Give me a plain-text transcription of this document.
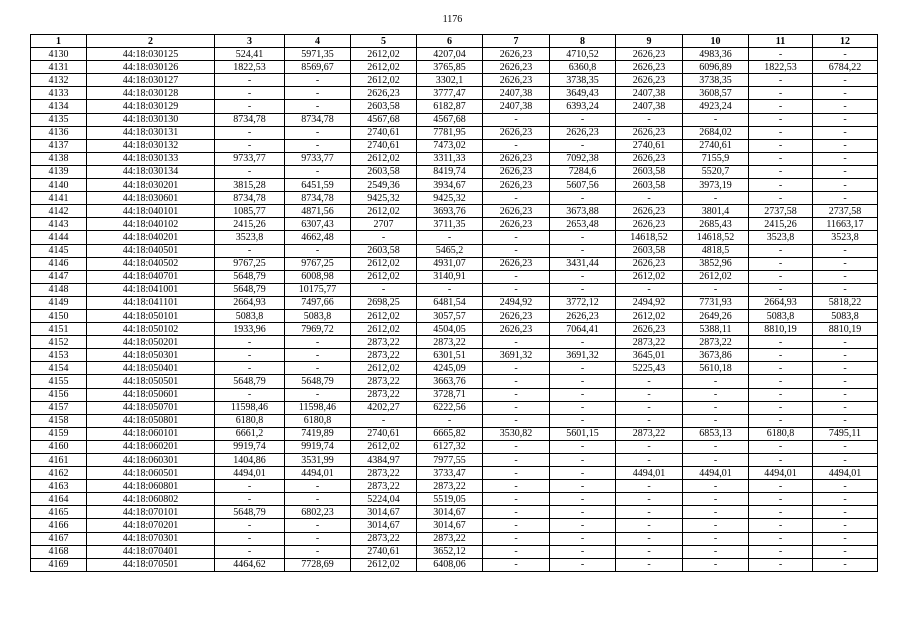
1176
1	2	3	4	5	6	7	8	9	10	11	12
4130	44:18:030125	524,41	5971,35	2612,02	4207,04	2626,23	4710,52	2626,23	4983,36	-	-
4131	44:18:030126	1822,53	8569,67	2612,02	3765,85	2626,23	6360,8	2626,23	6096,89	1822,53	6784,22
4132	44:18:030127	-	-	2612,02	3302,1	2626,23	3738,35	2626,23	3738,35	-	-
4133	44:18:030128	-	-	2626,23	3777,47	2407,38	3649,43	2407,38	3608,57	-	-
4134	44:18:030129	-	-	2603,58	6182,87	2407,38	6393,24	2407,38	4923,24	-	-
4135	44:18:030130	8734,78	8734,78	4567,68	4567,68	-	-	-	-	-	-
4136	44:18:030131	-	-	2740,61	7781,95	2626,23	2626,23	2626,23	2684,02	-	-
4137	44:18:030132	-	-	2740,61	7473,02	-	-	2740,61	2740,61	-	-
4138	44:18:030133	9733,77	9733,77	2612,02	3311,33	2626,23	7092,38	2626,23	7155,9	-	-
4139	44:18:030134	-	-	2603,58	8419,74	2626,23	7284,6	2603,58	5520,7	-	-
4140	44:18:030201	3815,28	6451,59	2549,36	3934,67	2626,23	5607,56	2603,58	3973,19	-	-
4141	44:18:030601	8734,78	8734,78	9425,32	9425,32	-	-	-	-	-	-
4142	44:18:040101	1085,77	4871,56	2612,02	3693,76	2626,23	3673,88	2626,23	3801,4	2737,58	2737,58
4143	44:18:040102	2415,26	6307,43	2707	3711,35	2626,23	2653,48	2626,23	2685,43	2415,26	11663,17
4144	44:18:040201	3523,8	4662,48	-	-	-	-	14618,52	14618,52	3523,8	3523,8
4145	44:18:040501	-	-	2603,58	5465,2	-	-	2603,58	4818,5	-	-
4146	44:18:040502	9767,25	9767,25	2612,02	4931,07	2626,23	3431,44	2626,23	3852,96	-	-
4147	44:18:040701	5648,79	6008,98	2612,02	3140,91	-	-	2612,02	2612,02	-	-
4148	44:18:041001	5648,79	10175,77	-	-	-	-	-	-	-	-
4149	44:18:041101	2664,93	7497,66	2698,25	6481,54	2494,92	3772,12	2494,92	7731,93	2664,93	5818,22
4150	44:18:050101	5083,8	5083,8	2612,02	3057,57	2626,23	2626,23	2612,02	2649,26	5083,8	5083,8
4151	44:18:050102	1933,96	7969,72	2612,02	4504,05	2626,23	7064,41	2626,23	5388,11	8810,19	8810,19
4152	44:18:050201	-	-	2873,22	2873,22	-	-	2873,22	2873,22	-	-
4153	44:18:050301	-	-	2873,22	6301,51	3691,32	3691,32	3645,01	3673,86	-	-
4154	44:18:050401	-	-	2612,02	4245,09	-	-	5225,43	5610,18	-	-
4155	44:18:050501	5648,79	5648,79	2873,22	3663,76	-	-	-	-	-	-
4156	44:18:050601	-	-	2873,22	3728,71	-	-	-	-	-	-
4157	44:18:050701	11598,46	11598,46	4202,27	6222,56	-	-	-	-	-	-
4158	44:18:050801	6180,8	6180,8	-	-	-	-	-	-	-	-
4159	44:18:060101	6661,2	7419,89	2740,61	6665,82	3530,82	5601,15	2873,22	6853,13	6180,8	7495,11
4160	44:18:060201	9919,74	9919,74	2612,02	6127,32	-	-	-	-	-	-
4161	44:18:060301	1404,86	3531,99	4384,97	7977,55	-	-	-	-	-	-
4162	44:18:060501	4494,01	4494,01	2873,22	3733,47	-	-	4494,01	4494,01	4494,01	4494,01
4163	44:18:060801	-	-	2873,22	2873,22	-	-	-	-	-	-
4164	44:18:060802	-	-	5224,04	5519,05	-	-	-	-	-	-
4165	44:18:070101	5648,79	6802,23	3014,67	3014,67	-	-	-	-	-	-
4166	44:18:070201	-	-	3014,67	3014,67	-	-	-	-	-	-
4167	44:18:070301	-	-	2873,22	2873,22	-	-	-	-	-	-
4168	44:18:070401	-	-	2740,61	3652,12	-	-	-	-	-	-
4169	44:18:070501	4464,62	7728,69	2612,02	6408,06	-	-	-	-	-	-
